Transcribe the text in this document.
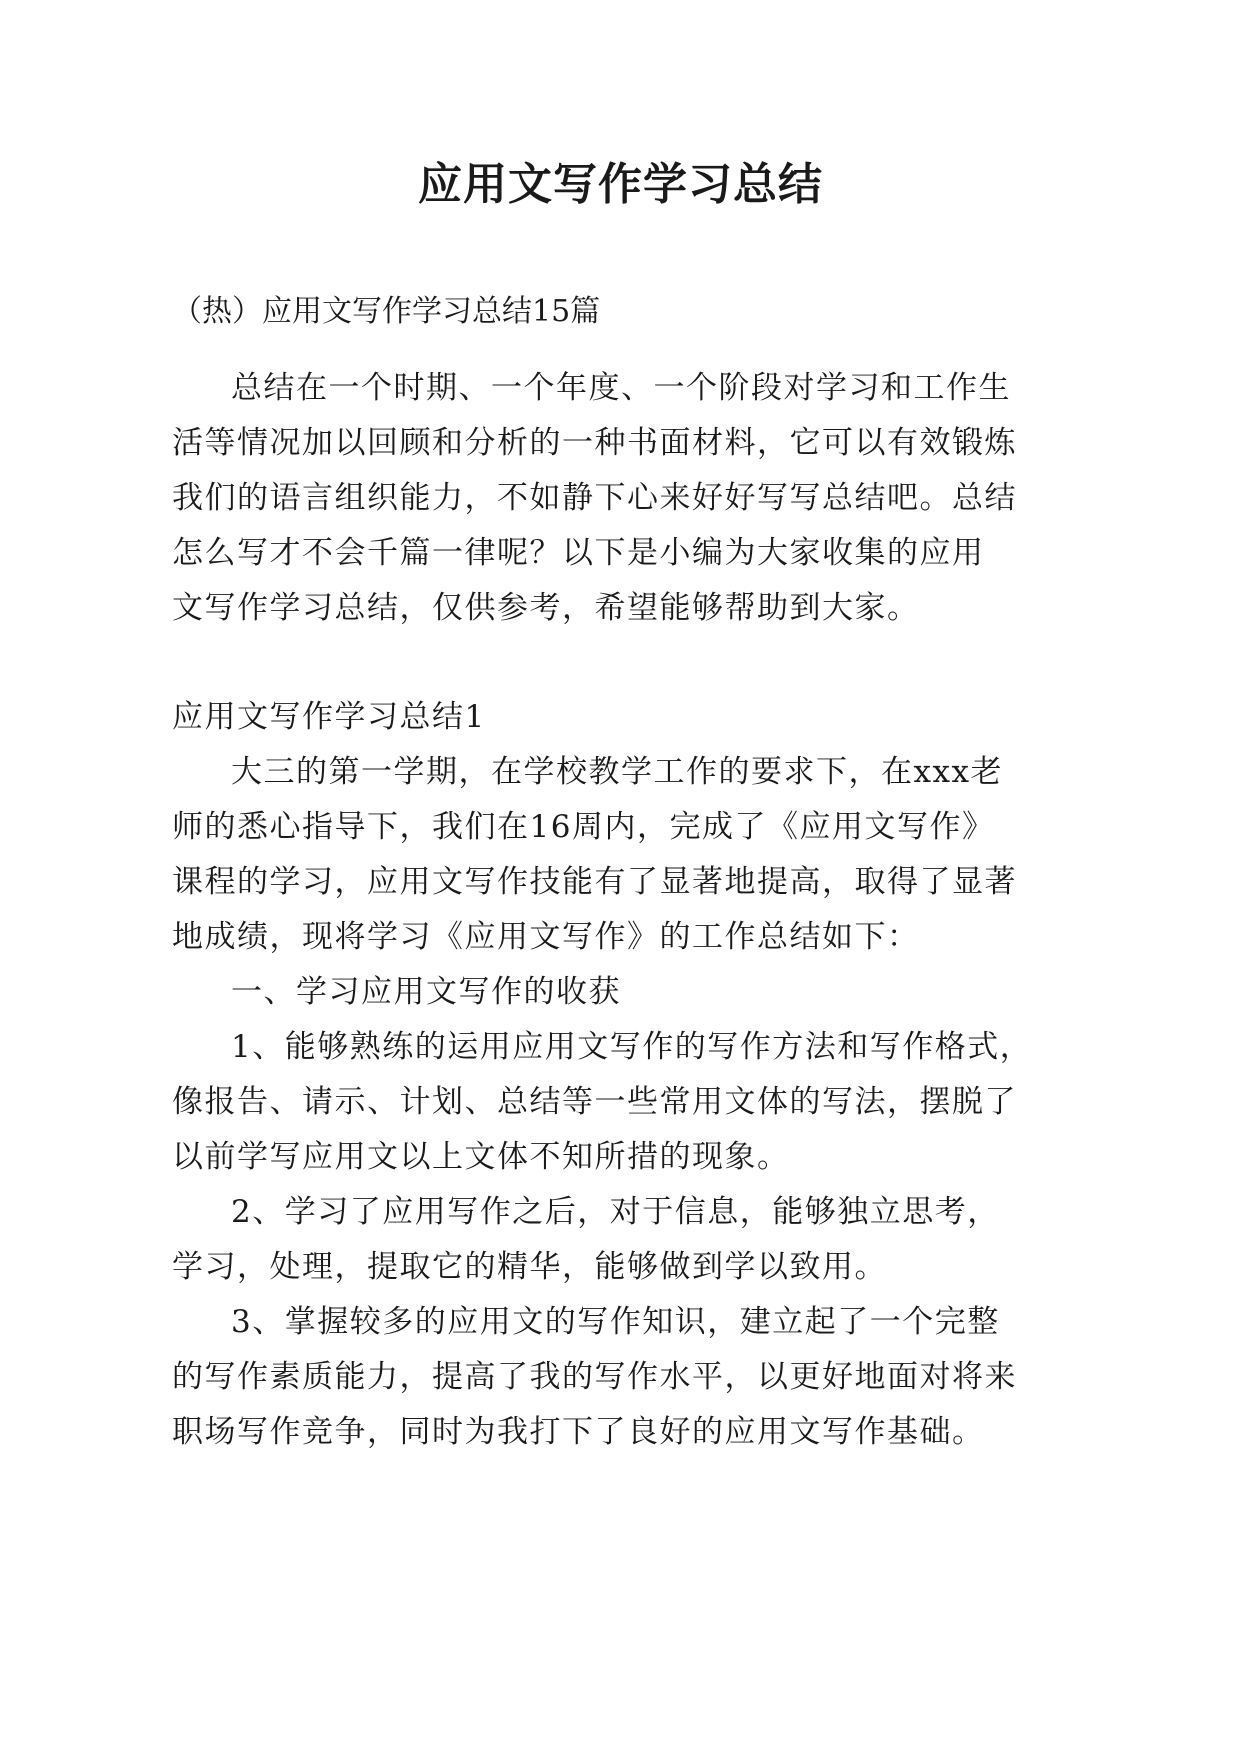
应用文写作学习总结
（热）应用文写作学习总结15篇
总结在一个时期、一个年度、一个阶段对学习和工作生
活等情况加以回顾和分析的一种书面材料，它可以有效锻炼
我们的语言组织能力，不如静下心来好好写写总结吧。总结
怎么写才不会千篇一律呢？以下是小编为大家收集的应用
文写作学习总结，仅供参考，希望能够帮助到大家。
应用文写作学习总结1
大三的第一学期，在学校教学工作的要求下，在xxx老
师的悉心指导下，我们在16周内，完成了《应用文写作》
课程的学习，应用文写作技能有了显著地提高，取得了显著
地成绩，现将学习《应用文写作》的工作总结如下：
一、学习应用文写作的收获
1、能够熟练的运用应用文写作的写作方法和写作格式，
像报告、请示、计划、总结等一些常用文体的写法，摆脱了
以前学写应用文以上文体不知所措的现象。
2、学习了应用写作之后，对于信息，能够独立思考，
学习，处理，提取它的精华，能够做到学以致用。
3、掌握较多的应用文的写作知识，建立起了一个完整
的写作素质能力，提高了我的写作水平，以更好地面对将来
职场写作竞争，同时为我打下了良好的应用文写作基础。
